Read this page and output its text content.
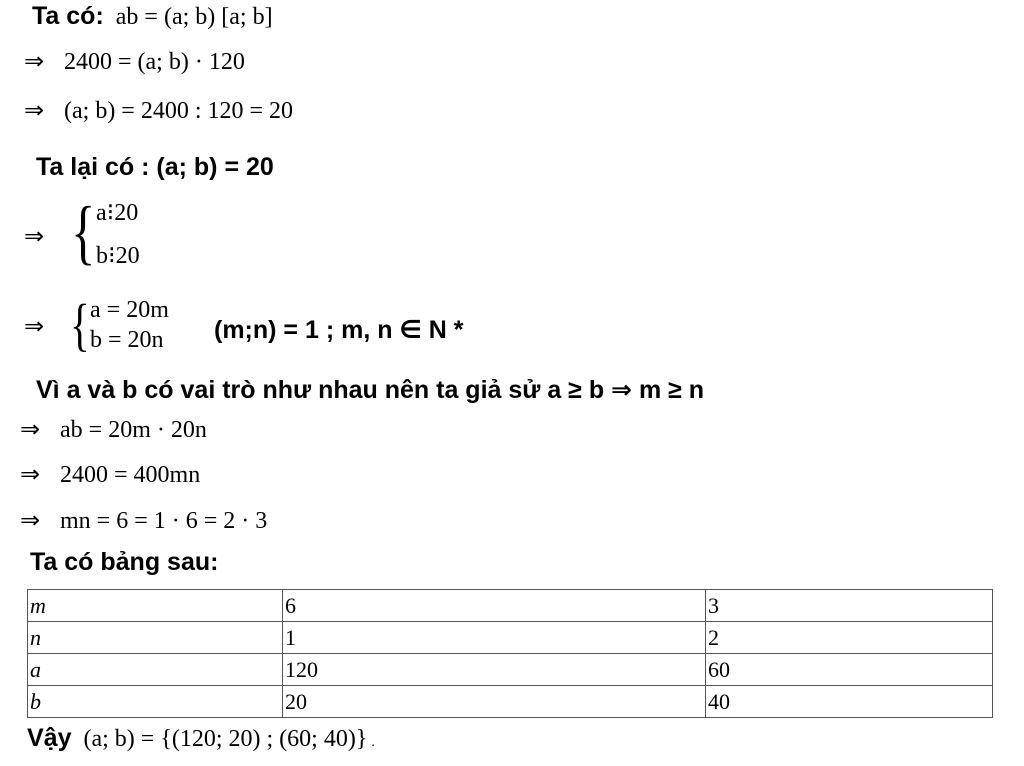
Ta có: ab = (a; b) [a; b]
⇒ 2400 = (a; b) · 120
⇒ (a; b) = 2400 : 120 = 20
Ta lại có : (a; b) = 20
⇒ { a⁝20
b⁝20
⇒ { a = 20m
b = 20n (m;n) = 1 ; m, n ∈ N *
Vì a và b có vai trò như nhau nên ta giả sử a ≥ b ⇒ m ≥ n
⇒ ab = 20m · 20n
⇒ 2400 = 400mn
⇒ mn = 6 = 1 · 6 = 2 · 3
Ta có bảng sau:
m	6	3
n	1	2
a	120	60
b	20	40
Vậy (a; b) = {(120; 20) ; (60; 40)} .
